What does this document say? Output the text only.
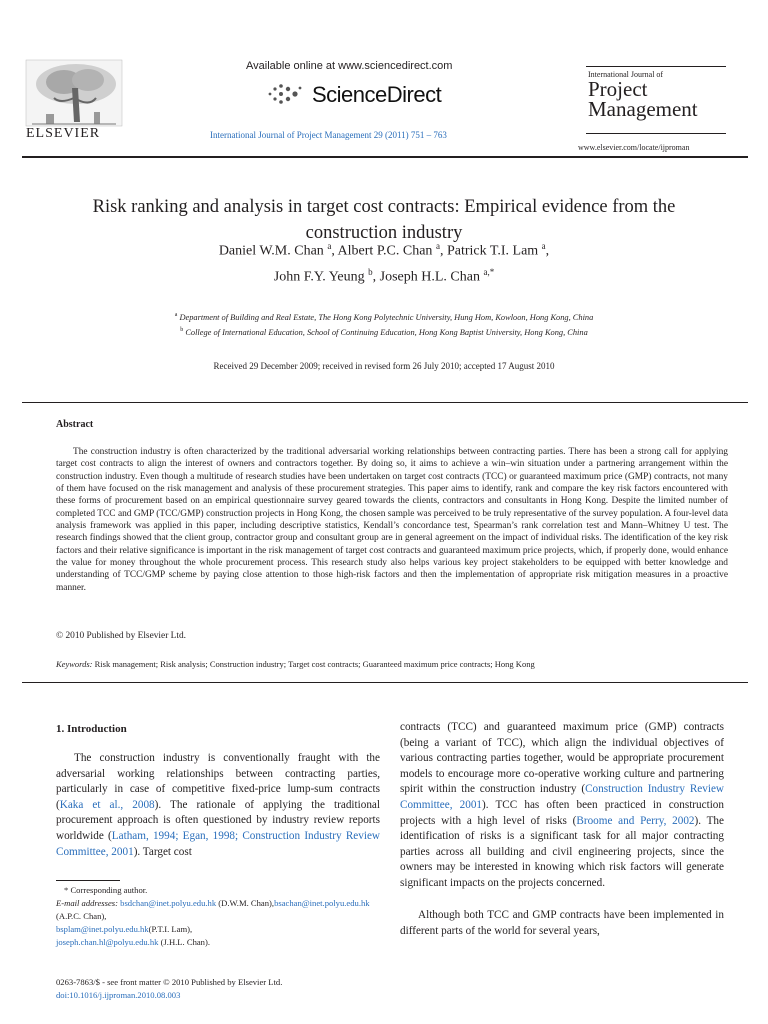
ELSEVIER
Available online at www.sciencedirect.com
ScienceDirect
International Journal of Project Management 29 (2011) 751 – 763
International Journal of
Project
Management
www.elsevier.com/locate/ijproman
Risk ranking and analysis in target cost contracts: Empirical evidence from the construction industry
Daniel W.M. Chan $^a$, Albert P.C. Chan $^a$, Patrick T.I. Lam $^a$,
John F.Y. Yeung $^b$, Joseph H.L. Chan $^{a,*}$
$^a$ Department of Building and Real Estate, The Hong Kong Polytechnic University, Hung Hom, Kowloon, Hong Kong, China
$^b$ College of International Education, School of Continuing Education, Hong Kong Baptist University, Hong Kong, China
Received 29 December 2009; received in revised form 26 July 2010; accepted 17 August 2010
Abstract
The construction industry is often characterized by the traditional adversarial working relationships between contracting parties. There has been a strong call for applying target cost contracts to align the interest of owners and contractors together. By doing so, it aims to achieve a win–win situation under a partnering arrangement within the construction industry. Even though a multitude of research studies have been undertaken on target cost contracts (TCC) or guaranteed maximum price (GMP) contracts, not many of them have focused on the risk management and analysis of these procurement strategies. This paper aims to identify, rank and compare the key risk factors encountered with these forms of procurement based on an empirical questionnaire survey geared towards the clients, contractors and consultants in Hong Kong. Despite the limited number of completed TCC and GMP (TCC/GMP) construction projects in Hong Kong, the chosen sample was perceived to be truly representative of the survey population. A four-level data analysis framework was applied in this paper, including descriptive statistics, Kendall’s concordance test, Spearman’s rank correlation test and Mann–Whitney U test. The research findings showed that the client group, contractor group and consultant group are in general agreement on the impact of individual risks. The identification of the key risk factors and their relative significance is important in the risk management of target cost contracts and guaranteed maximum price projects, which, if properly done, would enhance the value for money throughout the whole procurement process. This research study also helps various key project stakeholders to be equipped with better knowledge and understanding of TCC/GMP scheme by paying close attention to those high-risk factors and then the implementation of appropriate risk mitigation measures in a proactive manner.
© 2010 Published by Elsevier Ltd.
Keywords: Risk management; Risk analysis; Construction industry; Target cost contracts; Guaranteed maximum price contracts; Hong Kong
1. Introduction
The construction industry is conventionally fraught with the adversarial working relationships between contracting parties, particularly in case of competitive fixed-price lump-sum contracts (Kaka et al., 2008). The rationale of applying the traditional procurement approach is often questioned by industry review reports worldwide (Latham, 1994; Egan, 1998; Construction Industry Review Committee, 2001). Target cost
contracts (TCC) and guaranteed maximum price (GMP) contracts (being a variant of TCC), which align the individual objectives of various contracting parties together, would be appropriate procurement models to encourage more co-operative working culture and partnering spirit within the construction industry (Construction Industry Review Committee, 2001). TCC has often been practiced in construction projects with a high level of risks (Broome and Perry, 2002). The identification of risks is a significant task for all major contracting parties across all building and civil engineering projects, since the owners may be interested in knowing which risk factors will generate significant impacts on the projects concerned.
Although both TCC and GMP contracts have been implemented in different parts of the world for several years,
* Corresponding author.
E-mail addresses: bsdchan@inet.polyu.edu.hk (D.W.M. Chan),bsachan@inet.polyu.edu.hk (A.P.C. Chan),
bsplam@inet.polyu.edu.hk(P.T.I. Lam),
joseph.chan.hl@polyu.edu.hk (J.H.L. Chan).
0263-7863/$ - see front matter © 2010 Published by Elsevier Ltd.
doi:10.1016/j.ijproman.2010.08.003
